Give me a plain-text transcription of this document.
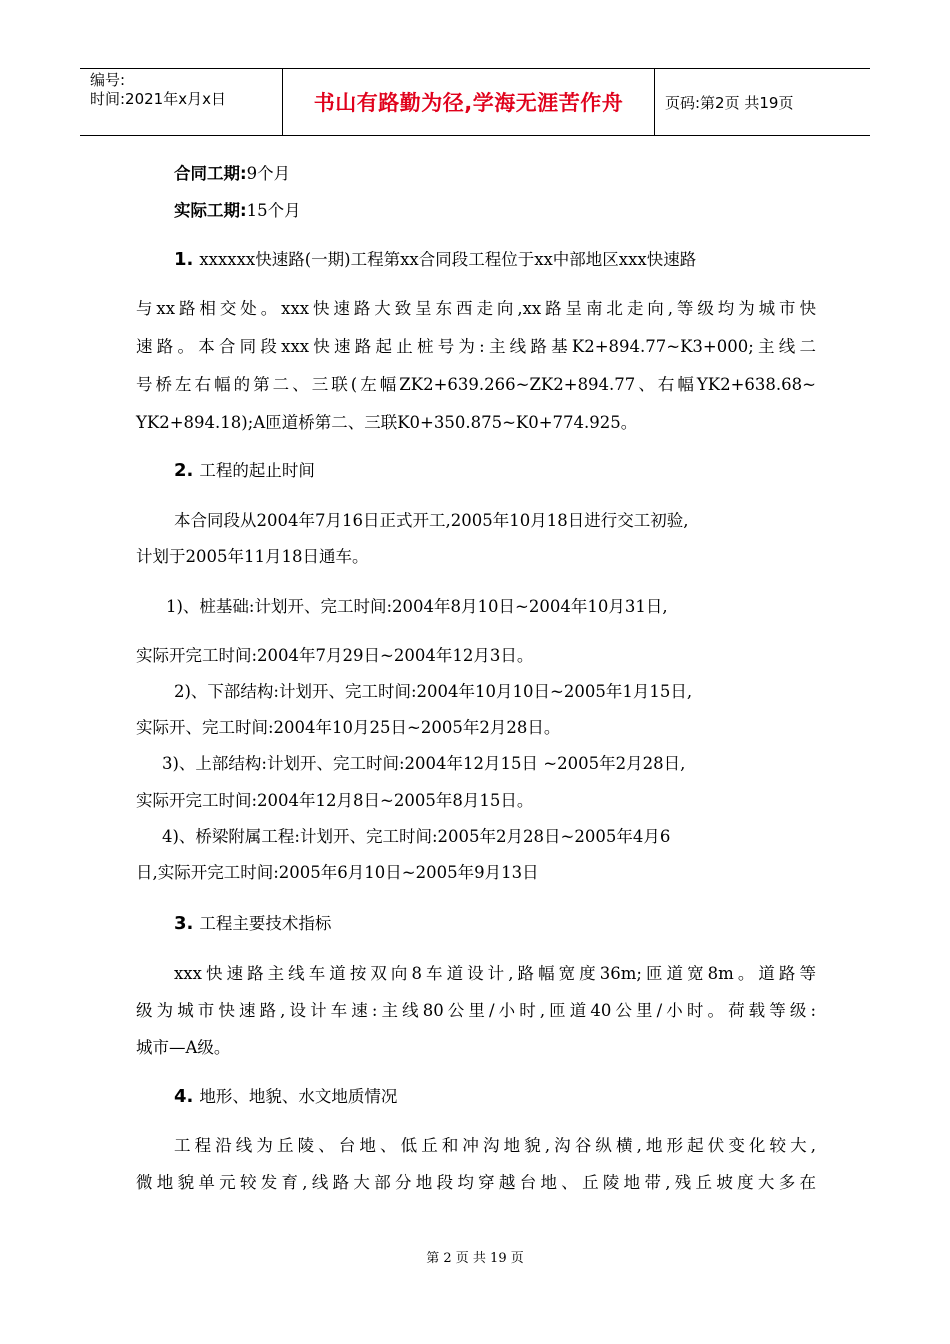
编号:
时间:2021年x月x日	书山有路勤为径,学海无涯苦作舟	页码:第2页 共19页
合同工期:9个月
实际工期:15个月
1. xxxxxx快速路(一期)工程第xx合同段工程位于xx中部地区xxx快速路
与xx路相交处。xxx快速路大致呈东西走向,xx路呈南北走向,等级均为城市快
速路。本合同段xxx快速路起止桩号为:主线路基K2+894.77~K3+000;主线二
号桥左右幅的第二、三联(左幅ZK2+639.266~ZK2+894.77、右幅YK2+638.68~
YK2+894.18);A匝道桥第二、三联K0+350.875~K0+774.925。
2. 工程的起止时间
本合同段从2004年7月16日正式开工,2005年10月18日进行交工初验,
计划于2005年11月18日通车。
1)、桩基础:计划开、完工时间:2004年8月10日~2004年10月31日,
实际开完工时间:2004年7月29日~2004年12月3日。
2)、下部结构:计划开、完工时间:2004年10月10日~2005年1月15日,
实际开、完工时间:2004年10月25日~2005年2月28日。
3)、上部结构:计划开、完工时间:2004年12月15日 ~2005年2月28日,
实际开完工时间:2004年12月8日~2005年8月15日。
4)、桥梁附属工程:计划开、完工时间:2005年2月28日~2005年4月6
日,实际开完工时间:2005年6月10日~2005年9月13日
3. 工程主要技术指标
xxx快速路主线车道按双向8车道设计,路幅宽度36m;匝道宽8m。道路等
级为城市快速路,设计车速:主线80公里/小时,匝道40公里/小时。荷载等级:
城市—A级。
4. 地形、地貌、水文地质情况
工程沿线为丘陵、台地、低丘和冲沟地貌,沟谷纵横,地形起伏变化较大,
微地貌单元较发育,线路大部分地段均穿越台地、丘陵地带,残丘坡度大多在
第 2 页 共 19 页
